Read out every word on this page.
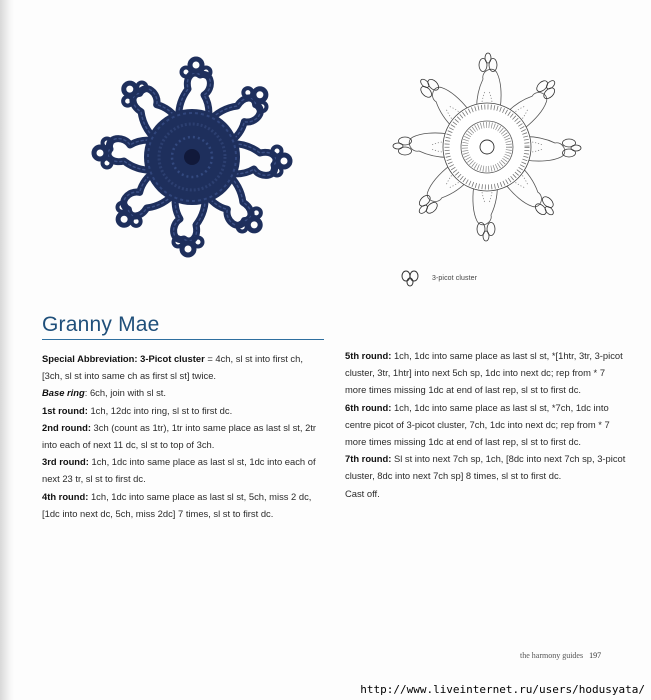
3-picot cluster
Granny Mae

Special Abbreviation: 3-Picot cluster = 4ch, sl st into first ch, [3ch, sl st into same ch as first sl st] twice.

Base ring: 6ch, join with sl st.

1st round: 1ch, 12dc into ring, sl st to first dc.

2nd round: 3ch (count as 1tr), 1tr into same place as last sl st, 2tr into each of next 11 dc, sl st to top of 3ch.

3rd round: 1ch, 1dc into same place as last sl st, 1dc into each of next 23 tr, sl st to first dc.

4th round: 1ch, 1dc into same place as last sl st, 5ch, miss 2 dc, [1dc into next dc, 5ch, miss 2dc] 7 times, sl st to first dc.

5th round: 1ch, 1dc into same place as last sl st, *[1htr, 3tr, 3-picot cluster, 3tr, 1htr] into next 5ch sp, 1dc into next dc; rep from * 7 more times missing 1dc at end of last rep, sl st to first dc.

6th round: 1ch, 1dc into same place as last sl st, *7ch, 1dc into centre picot of 3-picot cluster, 7ch, 1dc into next dc; rep from * 7 more times missing 1dc at end of last rep, sl st to first dc.

7th round: Sl st into next 7ch sp, 1ch, [8dc into next 7ch sp, 3-picot cluster, 8dc into next 7ch sp] 8 times, sl st to first dc.

Cast off.

the harmony guides 197
http://www.liveinternet.ru/users/hodusyata/
